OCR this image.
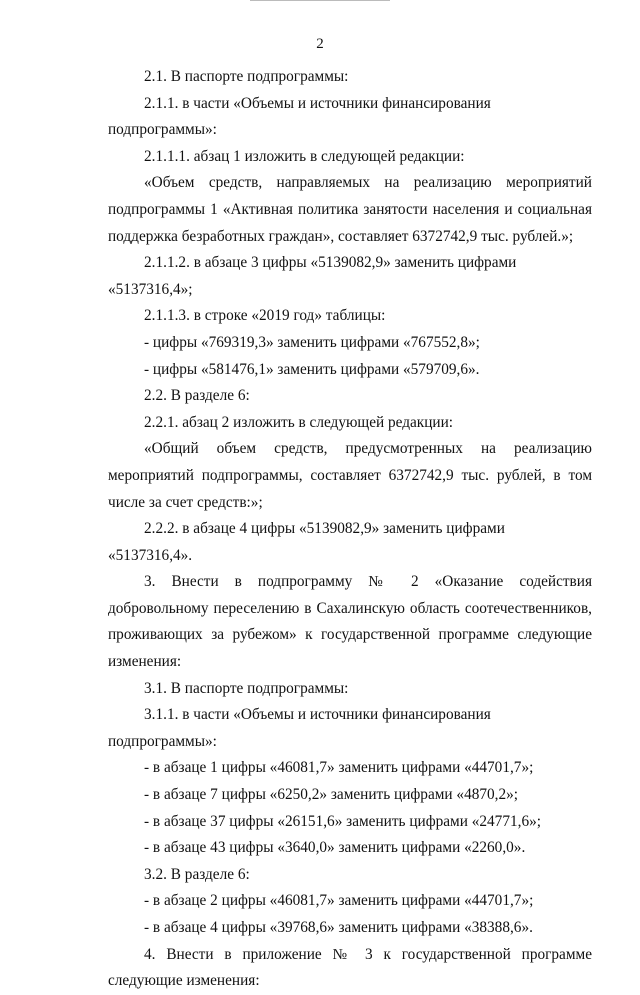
2

2.1. В паспорте подпрограммы:

2.1.1. в части «Объемы и источники финансирования подпрограммы»:

2.1.1.1. абзац 1 изложить в следующей редакции:

«Объем средств, направляемых на реализацию мероприятий подпрограммы 1 «Активная политика занятости населения и социальная поддержка безработных граждан», составляет 6372742,9 тыс. рублей.»;

2.1.1.2. в абзаце 3 цифры «5139082,9» заменить цифрами «5137316,4»;

2.1.1.3. в строке «2019 год» таблицы:

- цифры «769319,3» заменить цифрами «767552,8»;

- цифры «581476,1» заменить цифрами «579709,6».

2.2. В разделе 6:

2.2.1. абзац 2 изложить в следующей редакции:

«Общий объем средств, предусмотренных на реализацию мероприятий подпрограммы, составляет 6372742,9 тыс. рублей, в том числе за счет средств:»;

2.2.2. в абзаце 4 цифры «5139082,9» заменить цифрами «5137316,4».

3. Внести в подпрограмму № 2 «Оказание содействия добровольному переселению в Сахалинскую область соотечественников, проживающих за рубежом» к государственной программе следующие изменения:

3.1. В паспорте подпрограммы:

3.1.1. в части «Объемы и источники финансирования подпрограммы»:

- в абзаце 1 цифры «46081,7» заменить цифрами «44701,7»;

- в абзаце 7 цифры «6250,2» заменить цифрами «4870,2»;

- в абзаце 37 цифры «26151,6» заменить цифрами «24771,6»;

- в абзаце 43 цифры «3640,0» заменить цифрами «2260,0».

3.2. В разделе 6:

- в абзаце 2 цифры «46081,7» заменить цифрами «44701,7»;

- в абзаце 4 цифры «39768,6» заменить цифрами «38388,6».

4. Внести в приложение № 3 к государственной программе следующие изменения:
